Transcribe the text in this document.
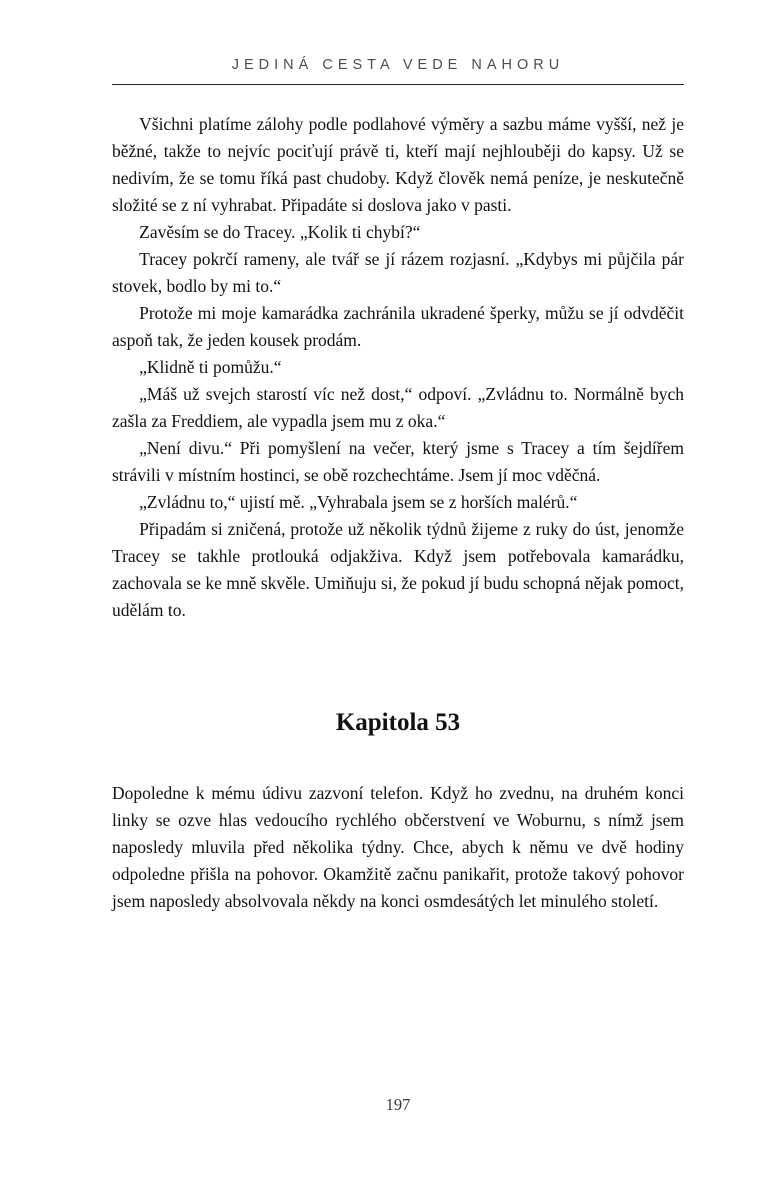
JEDINÁ CESTA VEDE NAHORU

Všichni platíme zálohy podle podlahové výměry a sazbu máme vyšší, než je běžné, takže to nejvíc pociťují právě ti, kteří mají nejhlouběji do kapsy. Už se nedivím, že se tomu říká past chudoby. Když člověk nemá peníze, je neskutečně složité se z ní vyhrabat. Připadáte si doslova jako v pasti.

Zavěsím se do Tracey. „Kolik ti chybí?“

Tracey pokrčí rameny, ale tvář se jí rázem rozjasní. „Kdybys mi půjčila pár stovek, bodlo by mi to.“

Protože mi moje kamarádka zachránila ukradené šperky, můžu se jí odvděčit aspoň tak, že jeden kousek prodám.

„Klidně ti pomůžu.“

„Máš už svejch starostí víc než dost,“ odpoví. „Zvládnu to. Normálně bych zašla za Freddiem, ale vypadla jsem mu z oka.“

„Není divu.“ Při pomyšlení na večer, který jsme s Tracey a tím šejdířem strávili v místním hostinci, se obě rozchechtáme. Jsem jí moc vděčná.

„Zvládnu to,“ ujistí mě. „Vyhrabala jsem se z horších malérů.“

Připadám si zničená, protože už několik týdnů žijeme z ruky do úst, jenomže Tracey se takhle protlouká odjakživa. Když jsem potřebovala kamarádku, zachovala se ke mně skvěle. Umiňuju si, že pokud jí budu schopná nějak pomoct, udělám to.

Kapitola 53

Dopoledne k mému údivu zazvoní telefon. Když ho zvednu, na druhém konci linky se ozve hlas vedoucího rychlého občerstvení ve Woburnu, s nímž jsem naposledy mluvila před několika týdny. Chce, abych k němu ve dvě hodiny odpoledne přišla na pohovor. Okamžitě začnu panikařit, protože takový pohovor jsem naposledy absolvovala někdy na konci osmdesátých let minulého století.

197
